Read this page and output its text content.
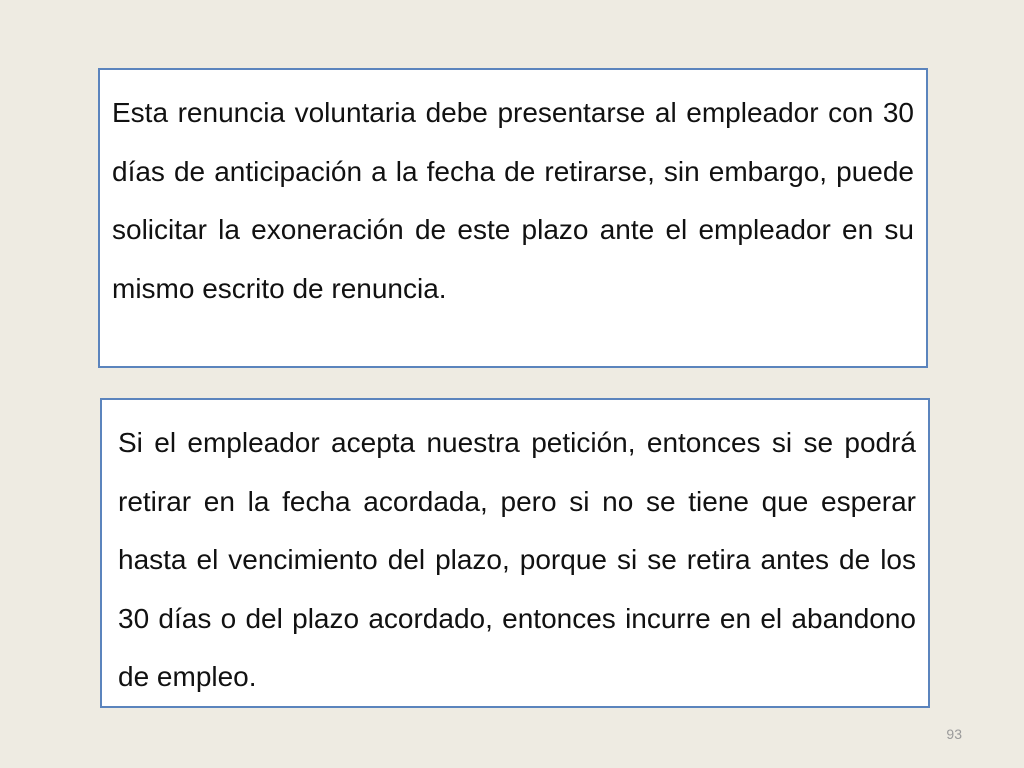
Esta renuncia voluntaria debe presentarse al empleador con 30 días de anticipación a la fecha de retirarse, sin embargo, puede solicitar la exoneración de este plazo ante el empleador en su mismo escrito de renuncia.

Si el empleador acepta nuestra petición, entonces si se podrá retirar en la fecha acordada, pero si no se tiene que esperar hasta el vencimiento del plazo, porque si se retira antes de los 30 días o del plazo acordado, entonces incurre en el abandono de empleo.

93
